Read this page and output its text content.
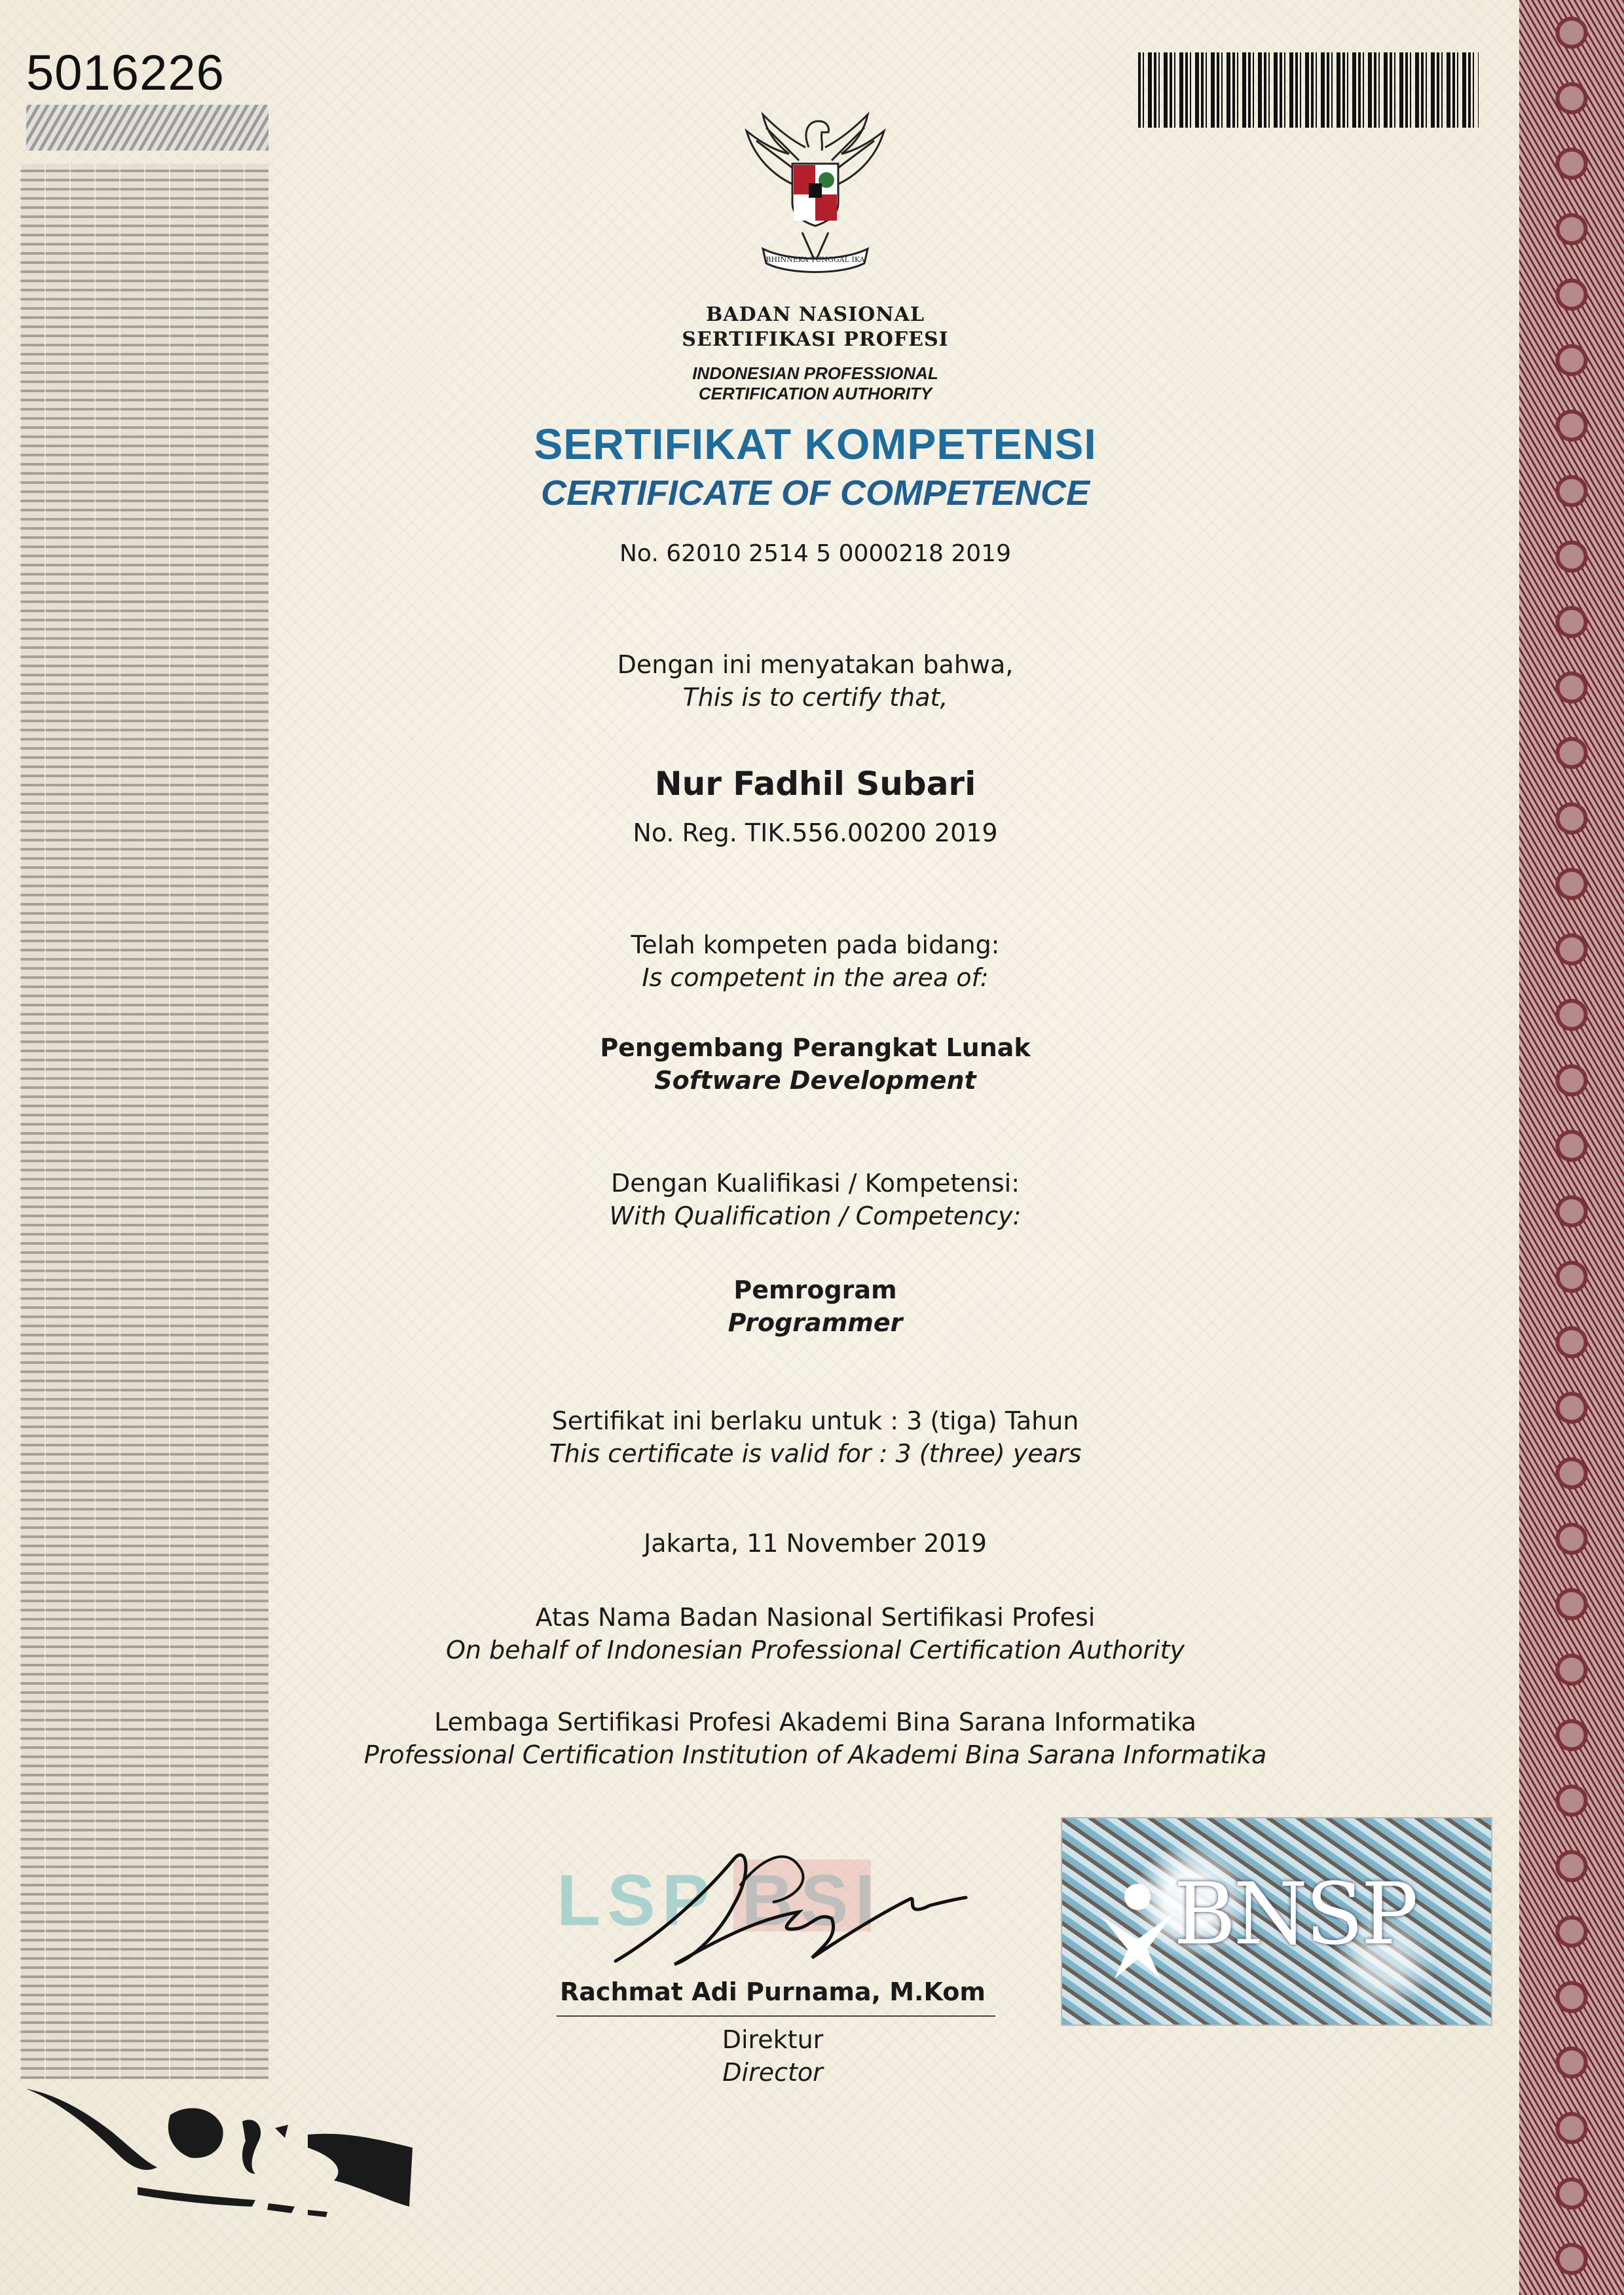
5016226
BHINNEKA TUNGGAL IKA
BADAN NASIONAL
SERTIFIKASI PROFESI
INDONESIAN PROFESSIONAL
CERTIFICATION AUTHORITY
SERTIFIKAT KOMPETENSI
CERTIFICATE OF COMPETENCE
No. 62010 2514 5 0000218 2019
Dengan ini menyatakan bahwa,
This is to certify that,
Nur Fadhil Subari
No. Reg. TIK.556.00200 2019
Telah kompeten pada bidang:
Is competent in the area of:
Pengembang Perangkat Lunak
Software Development
Dengan Kualifikasi / Kompetensi:
With Qualification / Competency:
Pemrogram
Programmer
Sertifikat ini berlaku untuk : 3 (tiga) Tahun
This certificate is valid for : 3 (three) years
Jakarta, 11 November 2019
Atas Nama Badan Nasional Sertifikasi Profesi
On behalf of Indonesian Professional Certification Authority
Lembaga Sertifikasi Profesi Akademi Bina Sarana Informatika
Professional Certification Institution of Akademi Bina Sarana Informatika
LSP BSI
Rachmat Adi Purnama, M.Kom
Direktur
Director
BNSP
